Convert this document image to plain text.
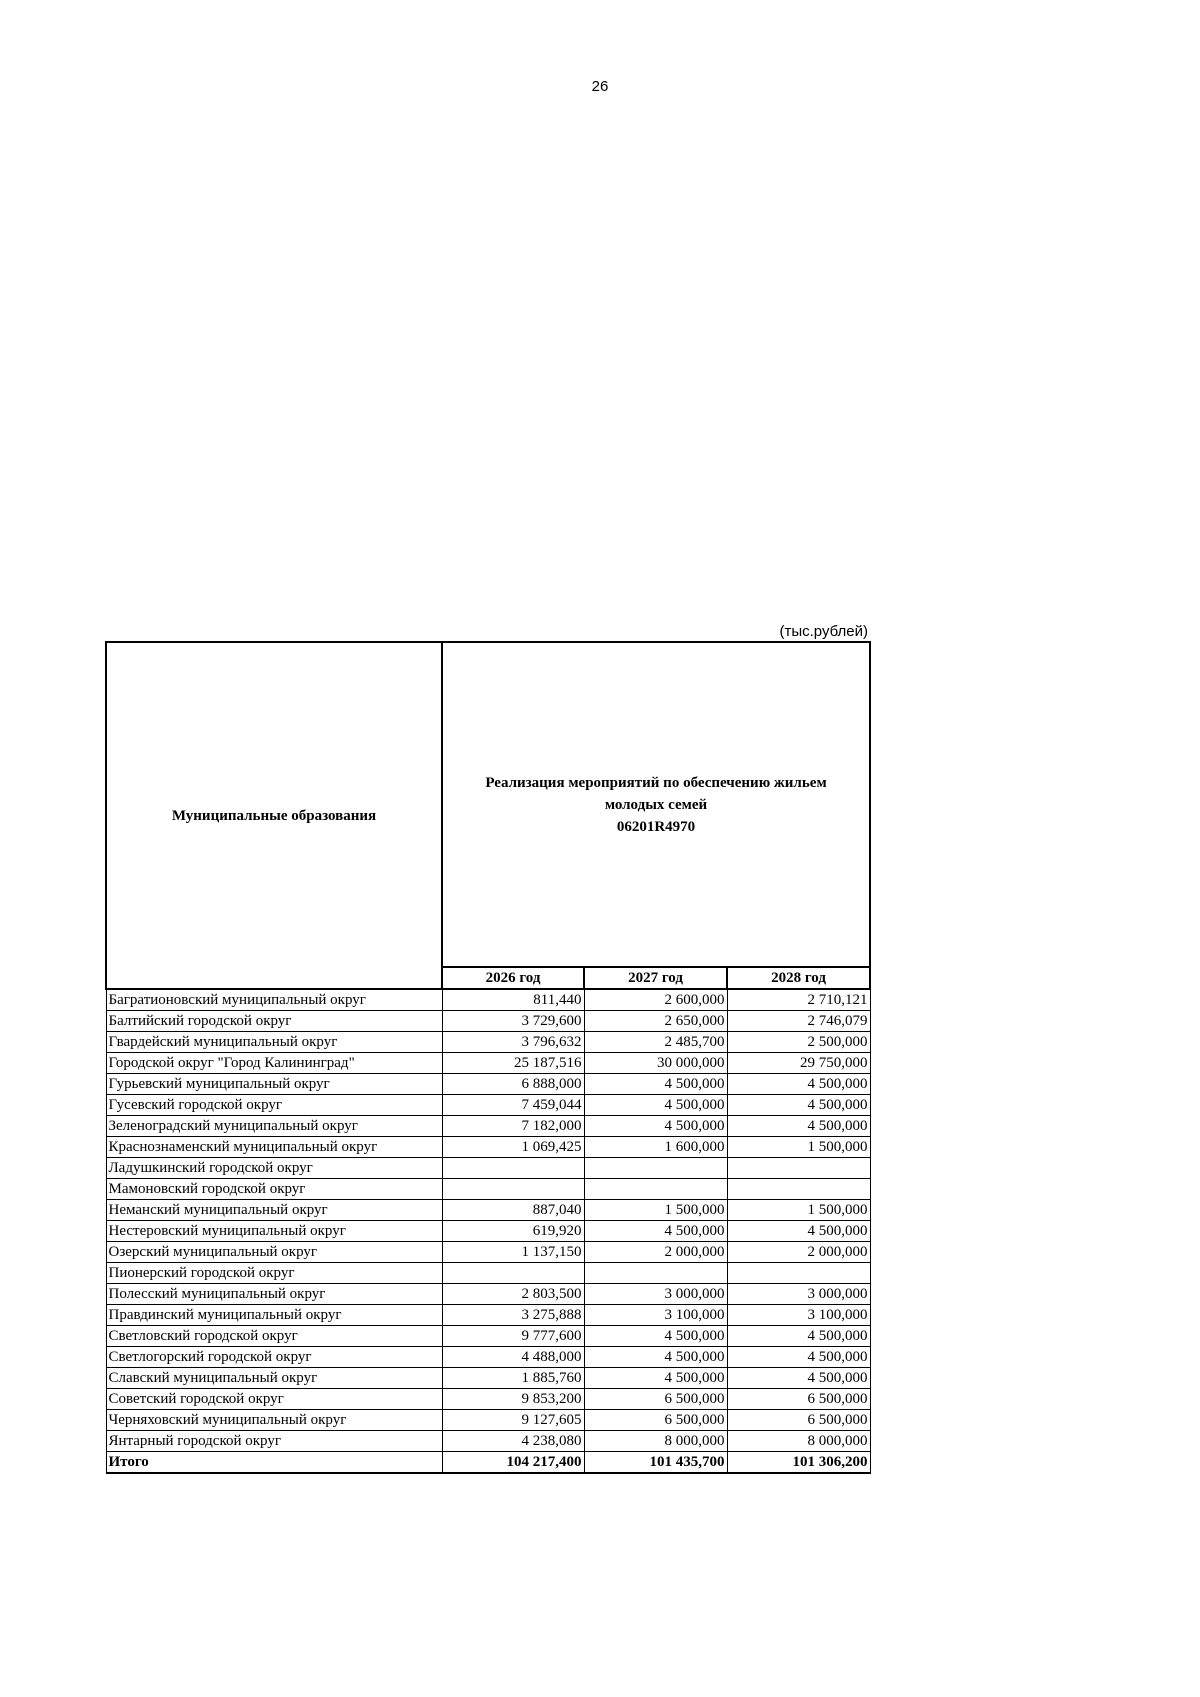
26
(тыс.рублей)
Муниципальные образования	Реализация мероприятий по обеспечению жильем молодых семей
06201R4970		

	2026 год	2027 год	2028 год
Багратионовский муниципальный округ	811,440	2 600,000	2 710,121
Балтийский городской округ	3 729,600	2 650,000	2 746,079
Гвардейский муниципальный округ	3 796,632	2 485,700	2 500,000
Городской округ "Город Калининград"	25 187,516	30 000,000	29 750,000
Гурьевский муниципальный округ	6 888,000	4 500,000	4 500,000
Гусевский городской округ	7 459,044	4 500,000	4 500,000
Зеленоградский муниципальный округ	7 182,000	4 500,000	4 500,000
Краснознаменский муниципальный округ	1 069,425	1 600,000	1 500,000
Ладушкинский городской округ			
Мамоновский городской округ			
Неманский муниципальный округ	887,040	1 500,000	1 500,000
Нестеровский муниципальный округ	619,920	4 500,000	4 500,000
Озерский муниципальный округ	1 137,150	2 000,000	2 000,000
Пионерский городской округ			
Полесский муниципальный округ	2 803,500	3 000,000	3 000,000
Правдинский муниципальный округ	3 275,888	3 100,000	3 100,000
Светловский городской округ	9 777,600	4 500,000	4 500,000
Светлогорский городской округ	4 488,000	4 500,000	4 500,000
Славский муниципальный округ	1 885,760	4 500,000	4 500,000
Советский городской округ	9 853,200	6 500,000	6 500,000
Черняховский муниципальный округ	9 127,605	6 500,000	6 500,000
Янтарный городской округ	4 238,080	8 000,000	8 000,000
Итого	104 217,400	101 435,700	101 306,200
